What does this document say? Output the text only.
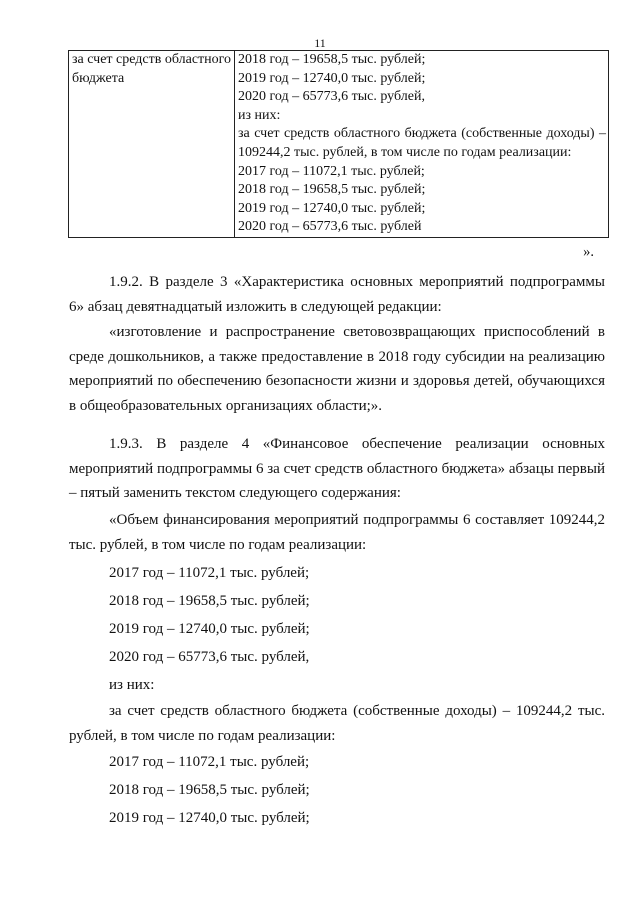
11
за счет средств областного бюджета	
2018 год – 19658,5 тыс. рублей;
2019 год – 12740,0 тыс. рублей;
2020 год – 65773,6 тыс. рублей,
из них:
за счет средств областного бюджета (собственные доходы) – 109244,2 тыс. рублей, в том числе по годам реализации:
2017 год – 11072,1 тыс. рублей;
2018 год – 19658,5 тыс. рублей;
2019 год – 12740,0 тыс. рублей;
2020 год – 65773,6 тыс. рублей
».
1.9.2. В разделе 3 «Характеристика основных мероприятий подпрограммы 6» абзац девятнадцатый изложить в следующей редакции:
«изготовление и распространение световозвращающих приспособлений в среде дошкольников, а также предоставление в 2018 году субсидии на реализацию мероприятий по обеспечению безопасности жизни и здоровья детей, обучающихся в общеобразовательных организациях области;».
1.9.3. В разделе 4 «Финансовое обеспечение реализации основных мероприятий подпрограммы 6 за счет средств областного бюджета» абзацы первый – пятый заменить текстом следующего содержания:
«Объем финансирования мероприятий подпрограммы 6 составляет 109244,2 тыс. рублей, в том числе по годам реализации:
2017 год – 11072,1 тыс. рублей;
2018 год – 19658,5 тыс. рублей;
2019 год – 12740,0 тыс. рублей;
2020 год – 65773,6 тыс. рублей,
из них:
за счет средств областного бюджета (собственные доходы) – 109244,2 тыс. рублей, в том числе по годам реализации:
2017 год – 11072,1 тыс. рублей;
2018 год – 19658,5 тыс. рублей;
2019 год – 12740,0 тыс. рублей;
